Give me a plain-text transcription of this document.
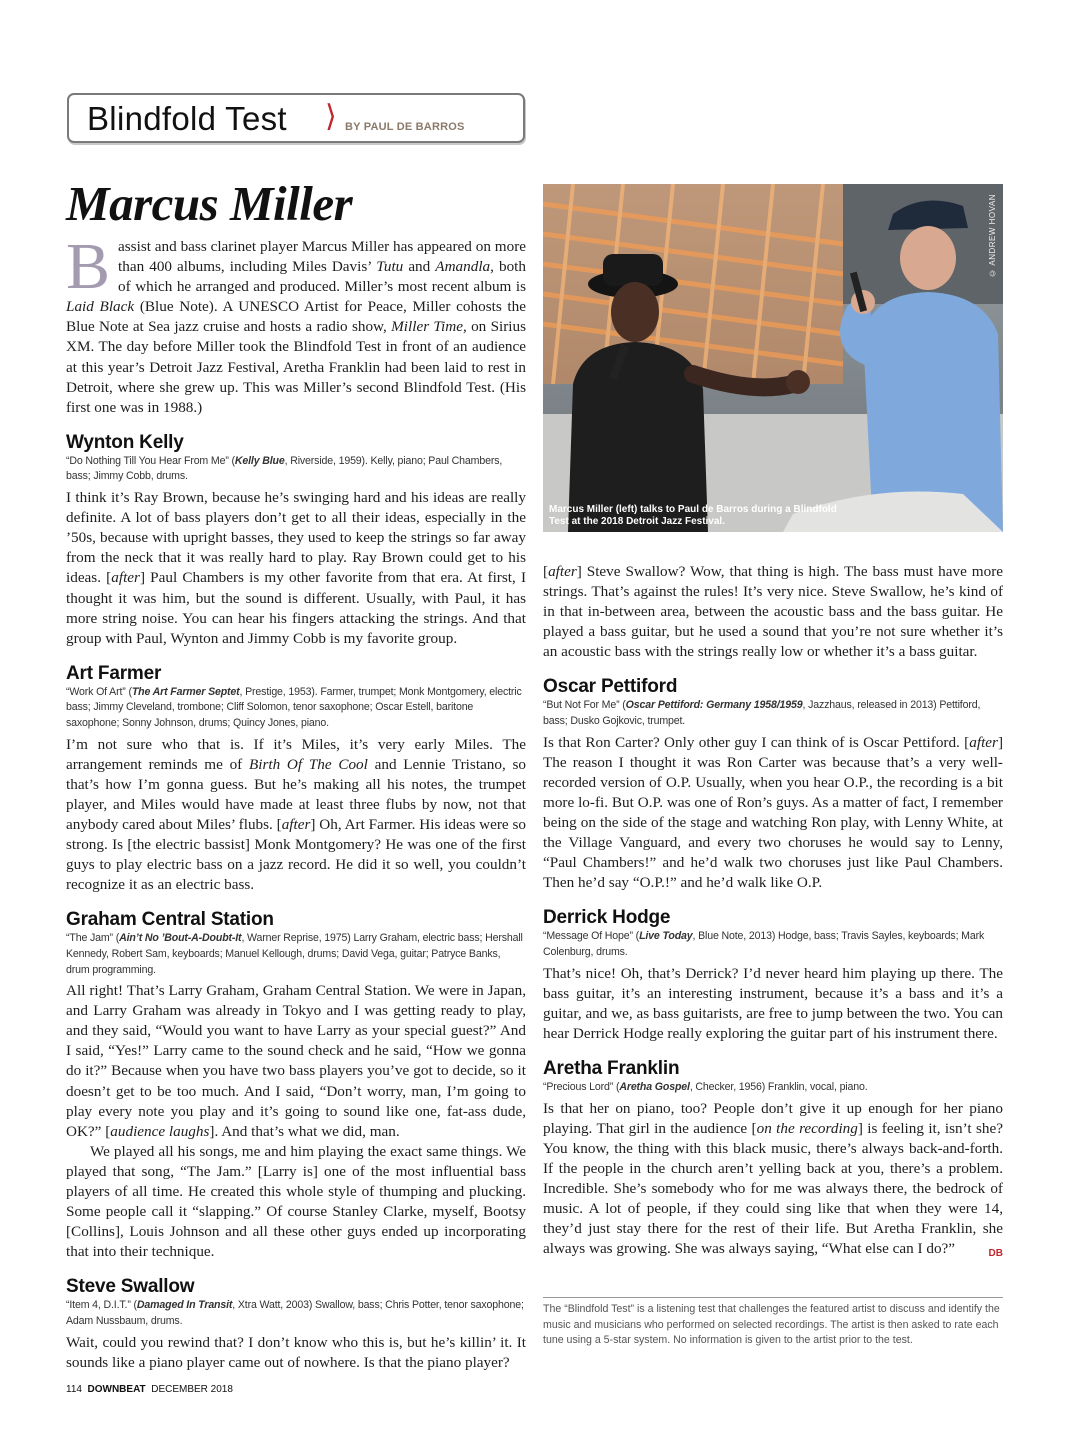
Blindfold Test ⟩ BY PAUL DE BARROS
Marcus Miller

B assist and bass clarinet player Marcus Miller has appeared on more than 400 albums, including Miles Davis’ Tutu and Amandla, both of which he arranged and produced. Miller’s most recent album is Laid Black (Blue Note). A UNESCO Artist for Peace, Miller cohosts the Blue Note at Sea jazz cruise and hosts a radio show, Miller Time, on Sirius XM. The day before Miller took the Blindfold Test in front of an audience at this year’s Detroit Jazz Festival, Aretha Franklin had been laid to rest in Detroit, where she grew up. This was Miller’s second Blindfold Test. (His first one was in 1988.)

Wynton Kelly
“Do Nothing Till You Hear From Me” (Kelly Blue, Riverside, 1959). Kelly, piano; Paul Chambers, bass; Jimmy Cobb, drums.

I think it’s Ray Brown, because he’s swinging hard and his ideas are really definite. A lot of bass players don’t get to all their ideas, especially in the ’50s, because with upright basses, they used to keep the strings so far away from the neck that it was really hard to play. Ray Brown could get to his ideas. [after] Paul Chambers is my other favorite from that era. At first, I thought it was him, but the sound is different. Usually, with Paul, it has more string noise. You can hear his fingers attacking the strings. And that group with Paul, Wynton and Jimmy Cobb is my favorite group.

Art Farmer
“Work Of Art” (The Art Farmer Septet, Prestige, 1953). Farmer, trumpet; Monk Montgomery, electric bass; Jimmy Cleveland, trombone; Cliff Solomon, tenor saxophone; Oscar Estell, baritone saxophone; Sonny Johnson, drums; Quincy Jones, piano.

I’m not sure who that is. If it’s Miles, it’s very early Miles. The arrangement reminds me of Birth Of The Cool and Lennie Tristano, so that’s how I’m gonna guess. But he’s making all his notes, the trumpet player, and Miles would have made at least three flubs by now, not that anybody cared about Miles’ flubs. [after] Oh, Art Farmer. His ideas were so strong. Is [the electric bassist] Monk Montgomery? He was one of the first guys to play electric bass on a jazz record. He did it so well, you couldn’t recognize it as an electric bass.

Graham Central Station
“The Jam” (Ain’t No ’Bout-A-Doubt-It, Warner Reprise, 1975) Larry Graham, electric bass; Hershall Kennedy, Robert Sam, keyboards; Manuel Kellough, drums; David Vega, guitar; Patryce Banks, drum programming.

All right! That’s Larry Graham, Graham Central Station. We were in Japan, and Larry Graham was already in Tokyo and I was getting ready to play, and they said, “Would you want to have Larry as your special guest?” And I said, “Yes!” Larry came to the sound check and he said, “How we gonna do it?” Because when you have two bass players you’ve got to decide, so it doesn’t get to be too much. And I said, “Don’t worry, man, I’m going to play every note you play and it’s going to sound like one, fat-ass dude, OK?” [audience laughs]. And that’s what we did, man.

We played all his songs, me and him playing the exact same things. We played that song, “The Jam.” [Larry is] one of the most influential bass players of all time. He created this whole style of thumping and plucking. Some people call it “slapping.” Of course Stanley Clarke, myself, Bootsy [Collins], Louis Johnson and all these other guys ended up incorporating that into their technique.

Steve Swallow
“Item 4, D.I.T.” (Damaged In Transit, Xtra Watt, 2003) Swallow, bass; Chris Potter, tenor saxophone; Adam Nussbaum, drums.

Wait, could you rewind that? I don’t know who this is, but he’s killin’ it. It sounds like a piano player came out of nowhere. Is that the piano player?

© ANDREW HOVAN
Marcus Miller (left) talks to Paul de Barros during a Blindfold Test at the 2018 Detroit Jazz Festival.

[after] Steve Swallow? Wow, that thing is high. The bass must have more strings. That’s against the rules! It’s very nice. Steve Swallow, he’s kind of in that in-between area, between the acoustic bass and the bass guitar. He played a bass guitar, but he used a sound that you’re not sure whether it’s an acoustic bass with the strings really low or whether it’s a bass guitar.

Oscar Pettiford
“But Not For Me” (Oscar Pettiford: Germany 1958/1959, Jazzhaus, released in 2013) Pettiford, bass; Dusko Gojkovic, trumpet.

Is that Ron Carter? Only other guy I can think of is Oscar Pettiford. [after] The reason I thought it was Ron Carter was because that’s a very well-recorded version of O.P. Usually, when you hear O.P., the recording is a bit more lo-fi. But O.P. was one of Ron’s guys. As a matter of fact, I remember being on the side of the stage and watching Ron play, with Lenny White, at the Village Vanguard, and every two choruses he would say to Lenny, “Paul Chambers!” and he’d walk two choruses just like Paul Chambers. Then he’d say “O.P.!” and he’d walk like O.P.

Derrick Hodge
“Message Of Hope” (Live Today, Blue Note, 2013) Hodge, bass; Travis Sayles, keyboards; Mark Colenburg, drums.

That’s nice! Oh, that’s Derrick? I’d never heard him playing up there. The bass guitar, it’s an interesting instrument, because it’s a bass and it’s a guitar, and we, as bass guitarists, are free to jump between the two. You can hear Derrick Hodge really exploring the guitar part of his instrument there.

Aretha Franklin
“Precious Lord” (Aretha Gospel, Checker, 1956) Franklin, vocal, piano.

Is that her on piano, too? People don’t give it up enough for her piano playing. That girl in the audience [on the recording] is feeling it, isn’t she? You know, the thing with this black music, there’s always back-and-forth. If the people in the church aren’t yelling back at you, there’s a problem. Incredible. She’s somebody who for me was always there, the bedrock of music. A lot of people, if they could sing like that when they were 14, they’d just stay there for the rest of their life. But Aretha Franklin, she always was growing. She was always saying, “What else can I do?”	DB

The “Blindfold Test” is a listening test that challenges the featured artist to discuss and identify the music and musicians who performed on selected recordings. The artist is then asked to rate each tune using a 5-star system. No information is given to the artist prior to the test.
114 DOWNBEAT DECEMBER 2018
